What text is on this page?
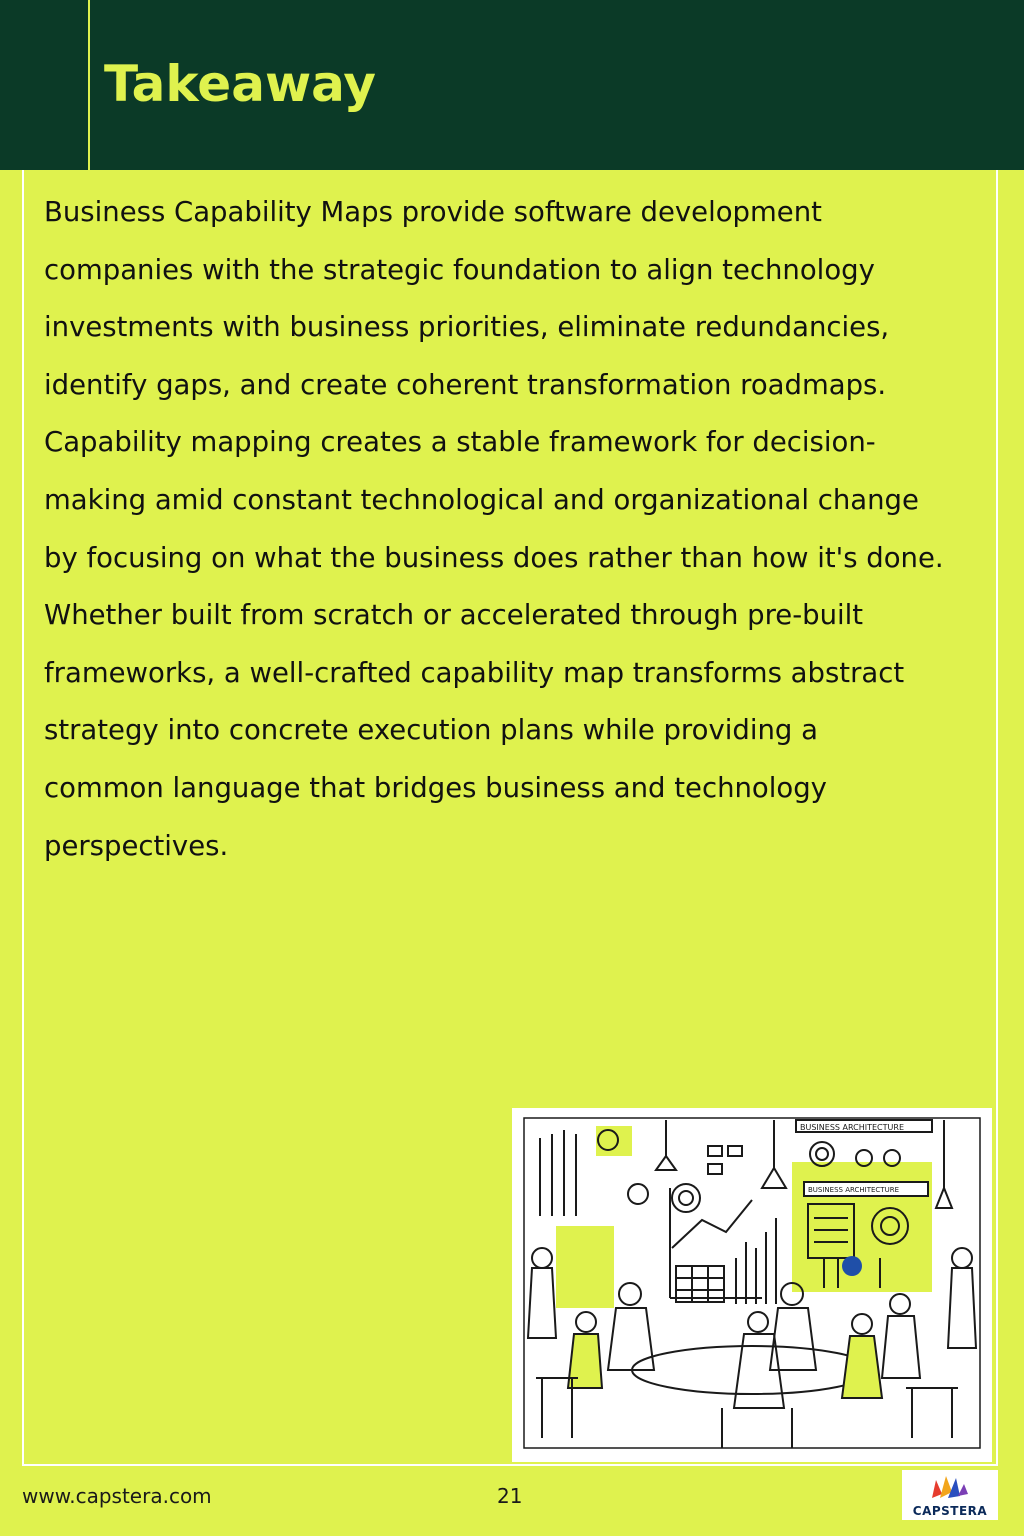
Takeaway

Business Capability Maps provide software development
companies with the strategic foundation to align technology
investments with business priorities, eliminate redundancies,
identify gaps, and create coherent transformation roadmaps.
Capability mapping creates a stable framework for decision-
making amid constant technological and organizational change
by focusing on what the business does rather than how it's done.
Whether built from scratch or accelerated through pre-built
frameworks, a well-crafted capability map transforms abstract
strategy into concrete execution plans while providing a
common language that bridges business and technology
perspectives.

BUSINESS ARCHITECTURE
BUSINESS ARCHITECTURE
www.capstera.com	21
CAPSTERA
